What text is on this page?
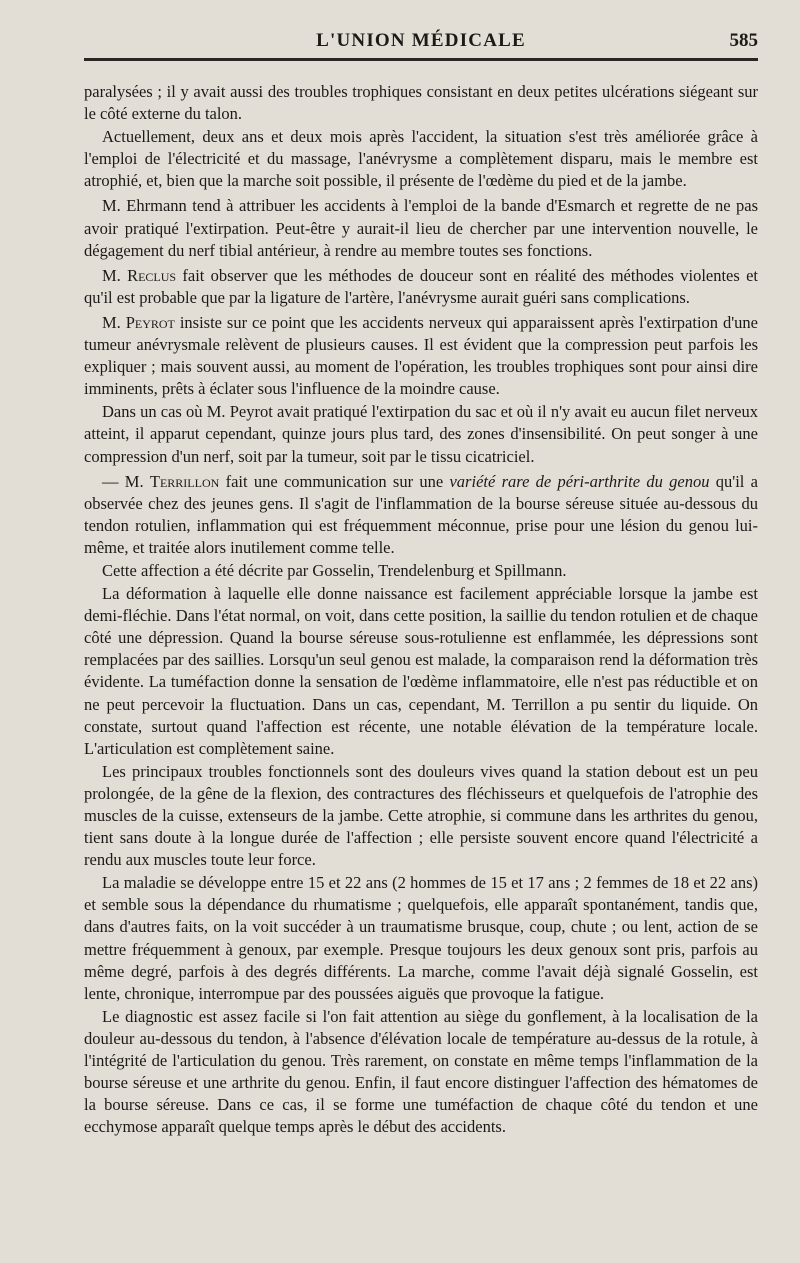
L'UNION MÉDICALE	585

paralysées ; il y avait aussi des troubles trophiques consistant en deux petites ulcérations siégeant sur le côté externe du talon.

Actuellement, deux ans et deux mois après l'accident, la situation s'est très améliorée grâce à l'emploi de l'électricité et du massage, l'anévrysme a complètement disparu, mais le membre est atrophié, et, bien que la marche soit possible, il présente de l'œdème du pied et de la jambe.

M. Ehrmann tend à attribuer les accidents à l'emploi de la bande d'Esmarch et regrette de ne pas avoir pratiqué l'extirpation. Peut-être y aurait-il lieu de chercher par une intervention nouvelle, le dégagement du nerf tibial antérieur, à rendre au membre toutes ses fonctions.

M. Reclus fait observer que les méthodes de douceur sont en réalité des méthodes violentes et qu'il est probable que par la ligature de l'artère, l'anévrysme aurait guéri sans complications.

M. Peyrot insiste sur ce point que les accidents nerveux qui apparaissent après l'extirpation d'une tumeur anévrysmale relèvent de plusieurs causes. Il est évident que la compression peut parfois les expliquer ; mais souvent aussi, au moment de l'opération, les troubles trophiques sont pour ainsi dire imminents, prêts à éclater sous l'influence de la moindre cause.

Dans un cas où M. Peyrot avait pratiqué l'extirpation du sac et où il n'y avait eu aucun filet nerveux atteint, il apparut cependant, quinze jours plus tard, des zones d'insensibilité. On peut songer à une compression d'un nerf, soit par la tumeur, soit par le tissu cicatriciel.

— M. Terrillon fait une communication sur une variété rare de péri-arthrite du genou qu'il a observée chez des jeunes gens. Il s'agit de l'inflammation de la bourse séreuse située au-dessous du tendon rotulien, inflammation qui est fréquemment méconnue, prise pour une lésion du genou lui-même, et traitée alors inutilement comme telle.

Cette affection a été décrite par Gosselin, Trendelenburg et Spillmann.

La déformation à laquelle elle donne naissance est facilement appréciable lorsque la jambe est demi-fléchie. Dans l'état normal, on voit, dans cette position, la saillie du tendon rotulien et de chaque côté une dépression. Quand la bourse séreuse sous-rotulienne est enflammée, les dépressions sont remplacées par des saillies. Lorsqu'un seul genou est malade, la comparaison rend la déformation très évidente. La tuméfaction donne la sensation de l'œdème inflammatoire, elle n'est pas réductible et on ne peut percevoir la fluctuation. Dans un cas, cependant, M. Terrillon a pu sentir du liquide. On constate, surtout quand l'affection est récente, une notable élévation de la température locale. L'articulation est complètement saine.

Les principaux troubles fonctionnels sont des douleurs vives quand la station debout est un peu prolongée, de la gêne de la flexion, des contractures des fléchisseurs et quelquefois de l'atrophie des muscles de la cuisse, extenseurs de la jambe. Cette atrophie, si commune dans les arthrites du genou, tient sans doute à la longue durée de l'affection ; elle persiste souvent encore quand l'électricité a rendu aux muscles toute leur force.

La maladie se développe entre 15 et 22 ans (2 hommes de 15 et 17 ans ; 2 femmes de 18 et 22 ans) et semble sous la dépendance du rhumatisme ; quelquefois, elle apparaît spontanément, tandis que, dans d'autres faits, on la voit succéder à un traumatisme brusque, coup, chute ; ou lent, action de se mettre fréquemment à genoux, par exemple. Presque toujours les deux genoux sont pris, parfois au même degré, parfois à des degrés différents. La marche, comme l'avait déjà signalé Gosselin, est lente, chronique, interrompue par des poussées aiguës que provoque la fatigue.

Le diagnostic est assez facile si l'on fait attention au siège du gonflement, à la localisation de la douleur au-dessous du tendon, à l'absence d'élévation locale de température au-dessus de la rotule, à l'intégrité de l'articulation du genou. Très rarement, on constate en même temps l'inflammation de la bourse séreuse et une arthrite du genou. Enfin, il faut encore distinguer l'affection des hématomes de la bourse séreuse. Dans ce cas, il se forme une tuméfaction de chaque côté du tendon et une ecchymose apparaît quelque temps après le début des accidents.
